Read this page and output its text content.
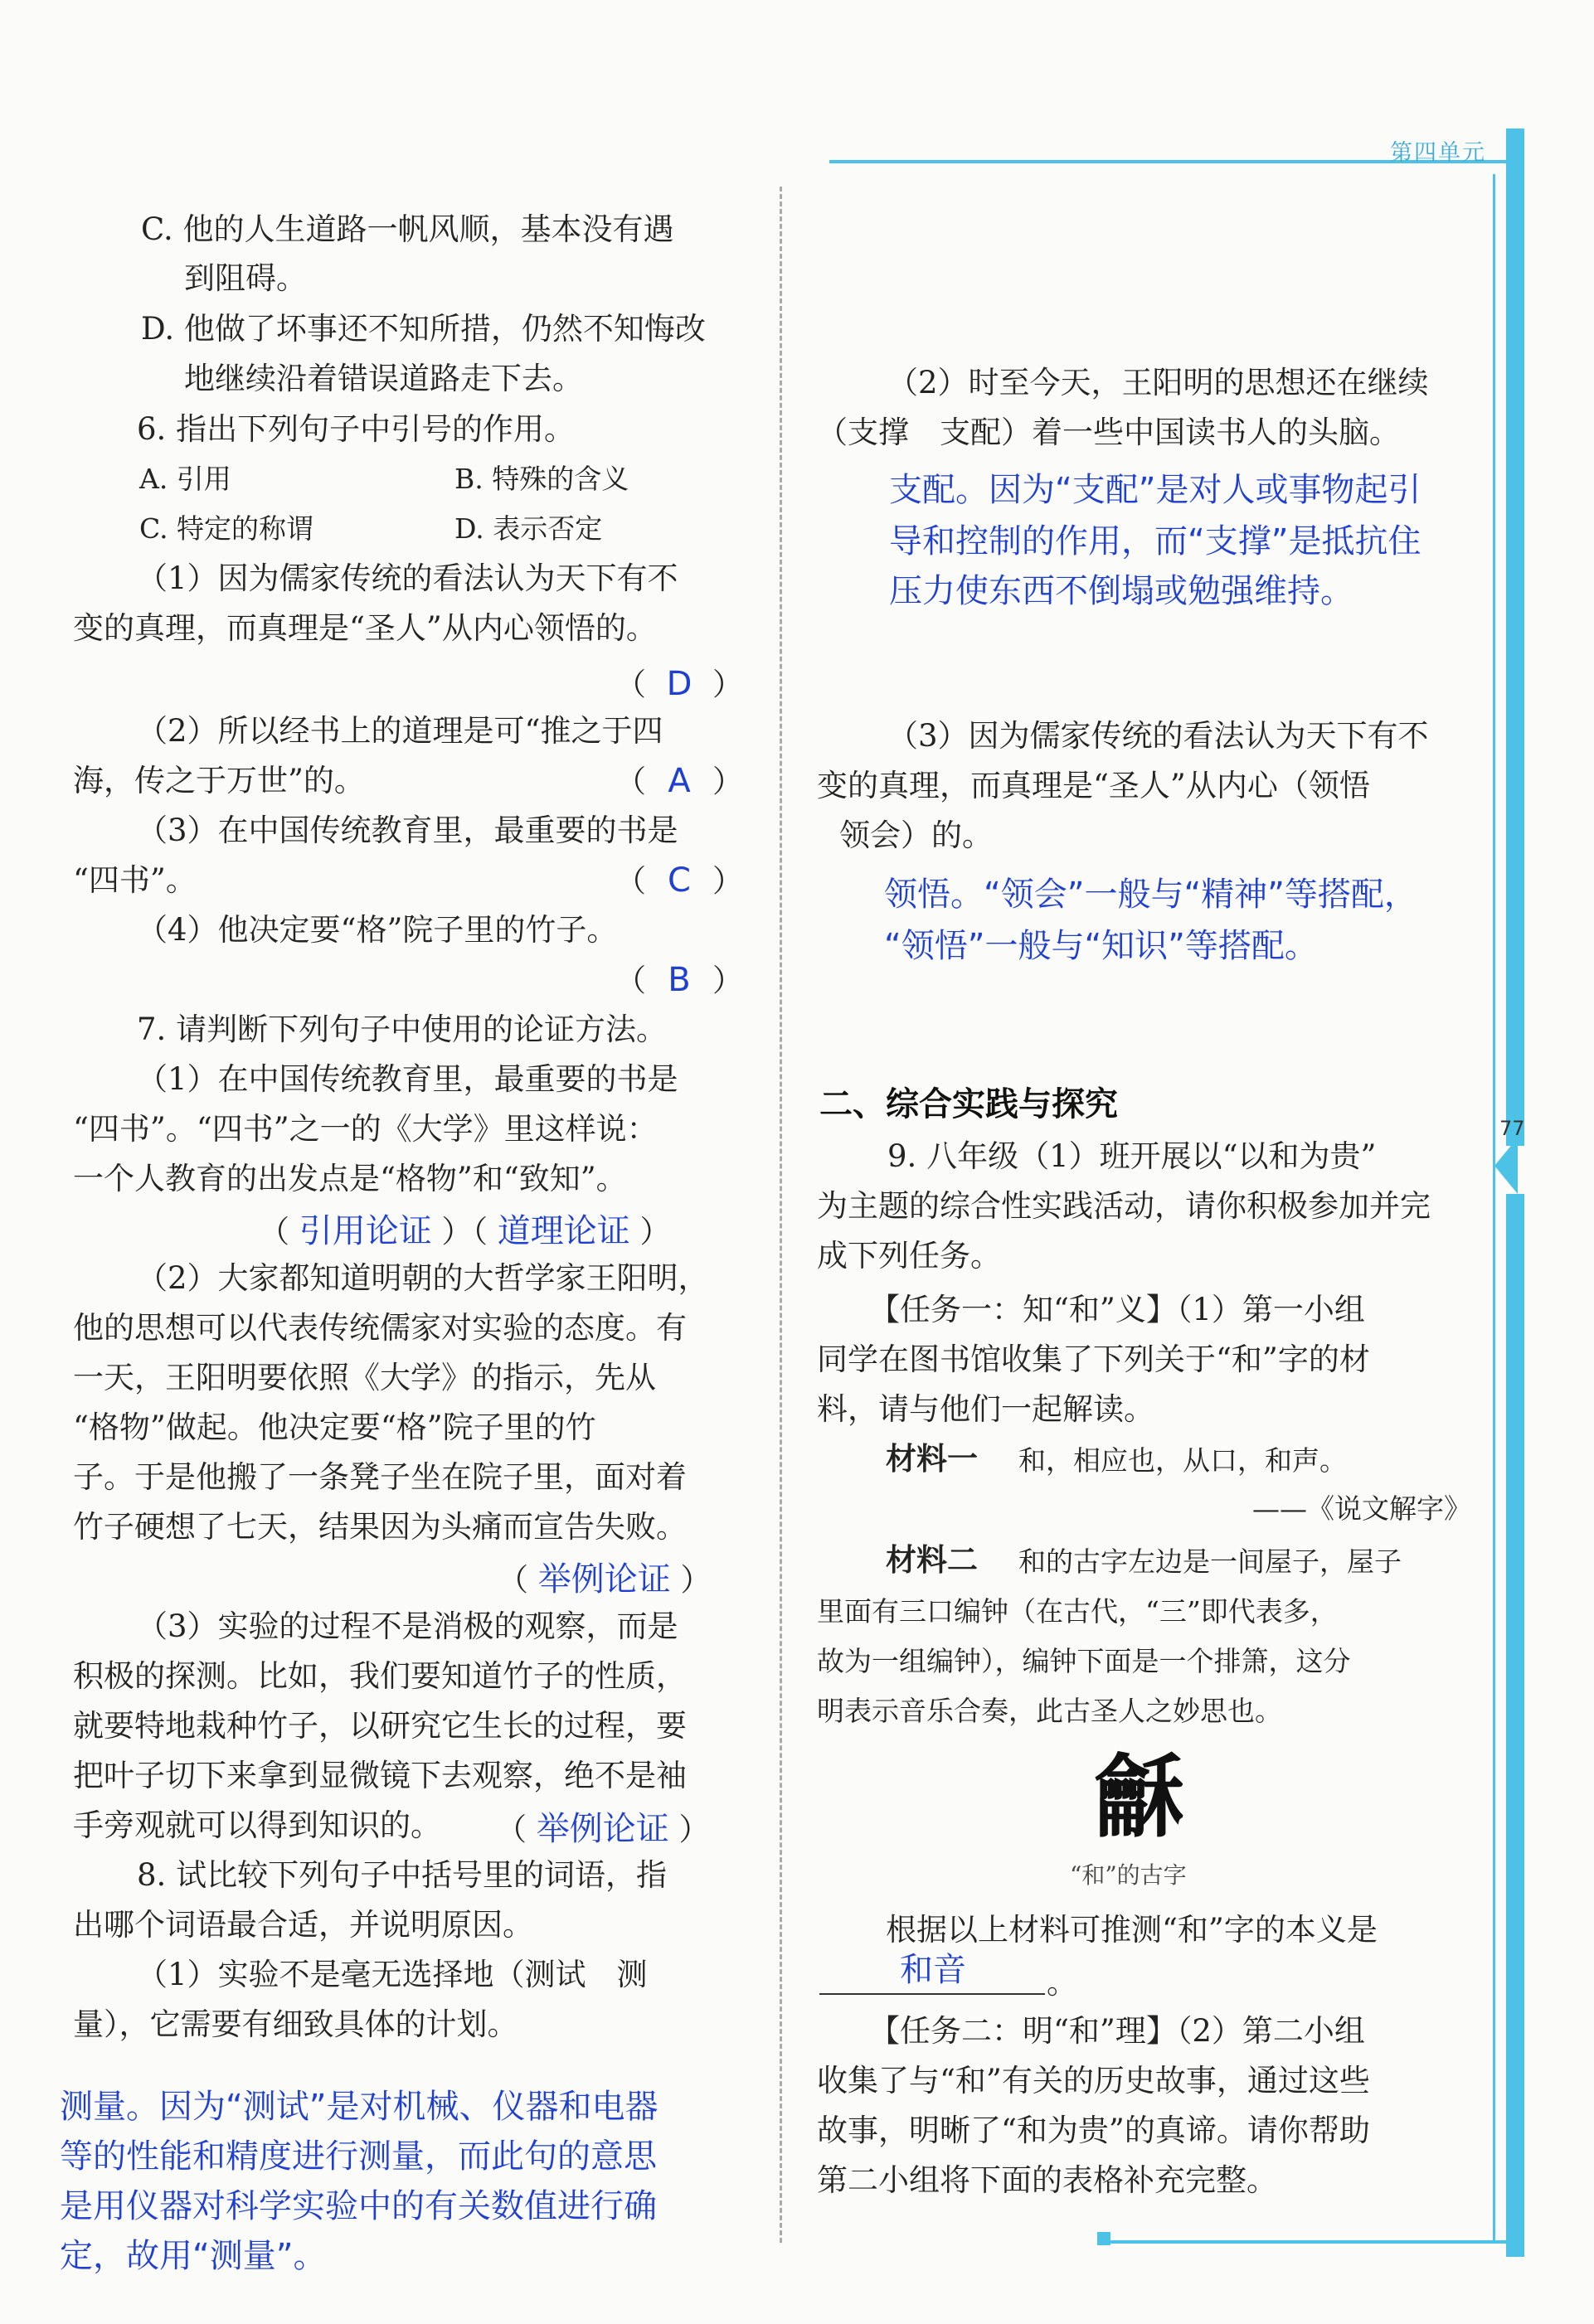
第四单元
77
C. 他的人生道路一帆风顺，基本没有遇
到阻碍。
D. 他做了坏事还不知所措，仍然不知悔改
地继续沿着错误道路走下去。
6. 指出下列句子中引号的作用。
A. 引用	B. 特殊的含义
C. 特定的称谓	D. 表示否定
（1）因为儒家传统的看法认为天下有不
变的真理，而真理是“圣人”从内心领悟的。
（ D ）
（2）所以经书上的道理是可“推之于四
海，传之于万世”的。	（ A ）
（3）在中国传统教育里，最重要的书是
“四书”。	（ C ）
（4）他决定要“格”院子里的竹子。
（ B ）
7. 请判断下列句子中使用的论证方法。
（1）在中国传统教育里，最重要的书是
“四书”。“四书”之一的《大学》里这样说：
一个人教育的出发点是“格物”和“致知”。
（ 引用论证 ）（ 道理论证 ）
（2）大家都知道明朝的大哲学家王阳明，
他的思想可以代表传统儒家对实验的态度。有
一天，王阳明要依照《大学》的指示，先从
“格物”做起。他决定要“格”院子里的竹
子。于是他搬了一条凳子坐在院子里，面对着
竹子硬想了七天，结果因为头痛而宣告失败。
（ 举例论证 ）
（3）实验的过程不是消极的观察，而是
积极的探测。比如，我们要知道竹子的性质，
就要特地栽种竹子，以研究它生长的过程，要
把叶子切下来拿到显微镜下去观察，绝不是袖
手旁观就可以得到知识的。 （ 举例论证 ）
8. 试比较下列句子中括号里的词语，指
出哪个词语最合适，并说明原因。
（1）实验不是毫无选择地（测试　测
量），它需要有细致具体的计划。
测量。因为“测试”是对机械、仪器和电器
等的性能和精度进行测量，而此句的意思
是用仪器对科学实验中的有关数值进行确
定，故用“测量”。
（2）时至今天，王阳明的思想还在继续
（支撑　支配）着一些中国读书人的头脑。
支配。因为“支配”是对人或事物起引
导和控制的作用，而“支撑”是抵抗住
压力使东西不倒塌或勉强维持。
（3）因为儒家传统的看法认为天下有不
变的真理，而真理是“圣人”从内心（领悟
领会）的。
领悟。“领会”一般与“精神”等搭配，
“领悟”一般与“知识”等搭配。
二、综合实践与探究
9. 八年级（1）班开展以“以和为贵”
为主题的综合性实践活动，请你积极参加并完
成下列任务。
【任务一：知“和”义】（1）第一小组
同学在图书馆收集了下列关于“和”字的材
料，请与他们一起解读。
材料一 和，相应也，从口，和声。
——《说文解字》
材料二 和的古字左边是一间屋子，屋子
里面有三口编钟（在古代，“三”即代表多，
故为一组编钟），编钟下面是一个排箫，这分
明表示音乐合奏，此古圣人之妙思也。
龢
“和”的古字
根据以上材料可推测“和”字的本义是
和音	。
【任务二：明“和”理】（2）第二小组
收集了与“和”有关的历史故事，通过这些
故事，明晰了“和为贵”的真谛。请你帮助
第二小组将下面的表格补充完整。
